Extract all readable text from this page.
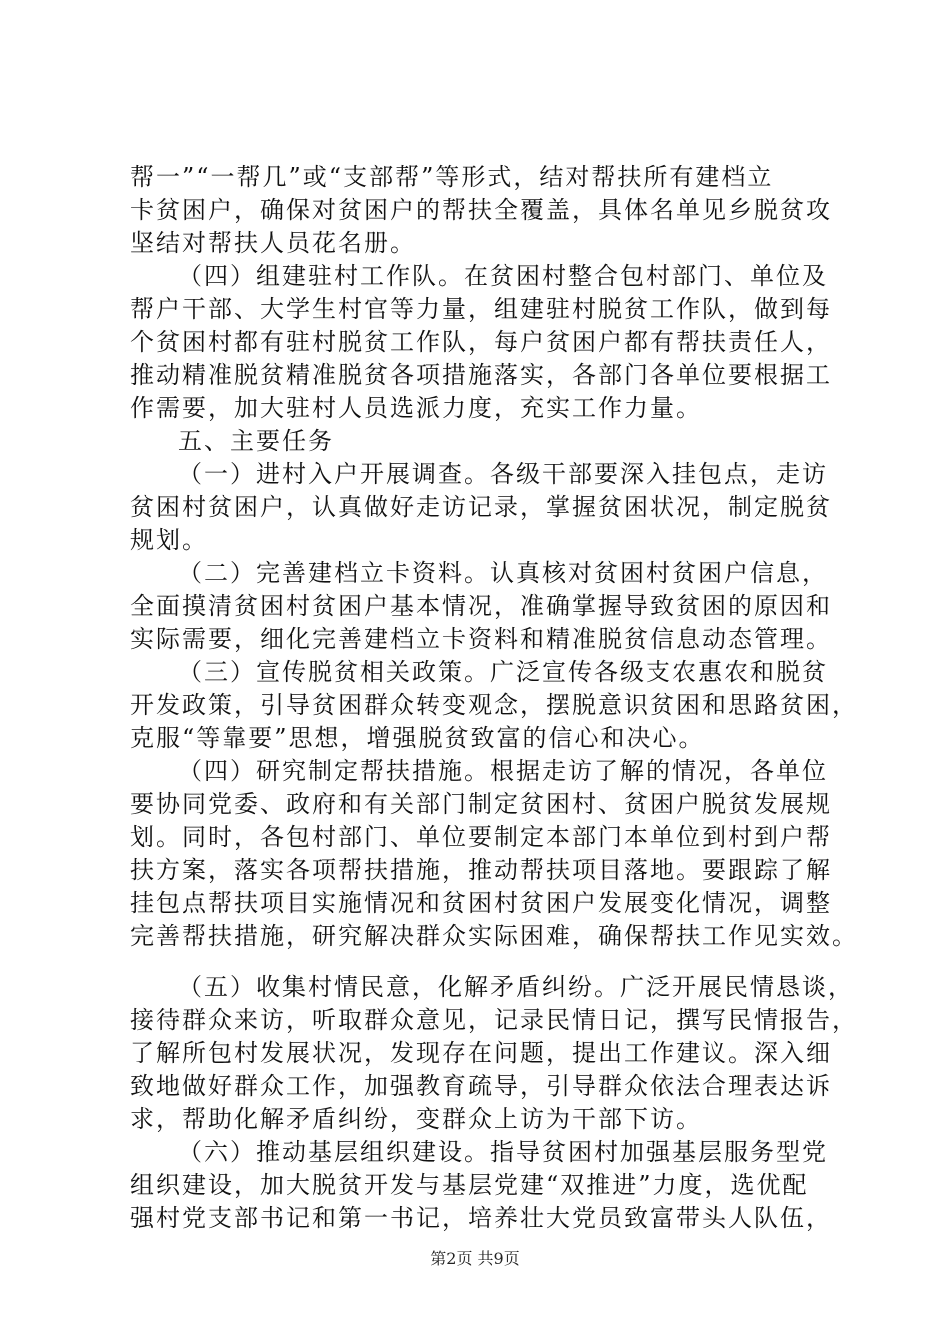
帮一”“一帮几”或“支部帮”等形式，结对帮扶所有建档立
卡贫困户，确保对贫困户的帮扶全覆盖，具体名单见乡脱贫攻
坚结对帮扶人员花名册。
（四）组建驻村工作队。在贫困村整合包村部门、单位及
帮户干部、大学生村官等力量，组建驻村脱贫工作队，做到每
个贫困村都有驻村脱贫工作队，每户贫困户都有帮扶责任人，
推动精准脱贫精准脱贫各项措施落实，各部门各单位要根据工
作需要，加大驻村人员选派力度，充实工作力量。
五、主要任务
（一）进村入户开展调查。各级干部要深入挂包点，走访
贫困村贫困户，认真做好走访记录，掌握贫困状况，制定脱贫
规划。
（二）完善建档立卡资料。认真核对贫困村贫困户信息，
全面摸清贫困村贫困户基本情况，准确掌握导致贫困的原因和
实际需要，细化完善建档立卡资料和精准脱贫信息动态管理。
（三）宣传脱贫相关政策。广泛宣传各级支农惠农和脱贫
开发政策，引导贫困群众转变观念，摆脱意识贫困和思路贫困，
克服“等靠要”思想，增强脱贫致富的信心和决心。
（四）研究制定帮扶措施。根据走访了解的情况，各单位
要协同党委、政府和有关部门制定贫困村、贫困户脱贫发展规
划。同时，各包村部门、单位要制定本部门本单位到村到户帮
扶方案，落实各项帮扶措施，推动帮扶项目落地。要跟踪了解
挂包点帮扶项目实施情况和贫困村贫困户发展变化情况，调整
完善帮扶措施，研究解决群众实际困难，确保帮扶工作见实效。
（五）收集村情民意，化解矛盾纠纷。广泛开展民情恳谈，
接待群众来访，听取群众意见，记录民情日记，撰写民情报告，
了解所包村发展状况，发现存在问题，提出工作建议。深入细
致地做好群众工作，加强教育疏导，引导群众依法合理表达诉
求，帮助化解矛盾纠纷，变群众上访为干部下访。
（六）推动基层组织建设。指导贫困村加强基层服务型党
组织建设，加大脱贫开发与基层党建“双推进”力度，选优配
强村党支部书记和第一书记，培养壮大党员致富带头人队伍，
第2页 共9页
